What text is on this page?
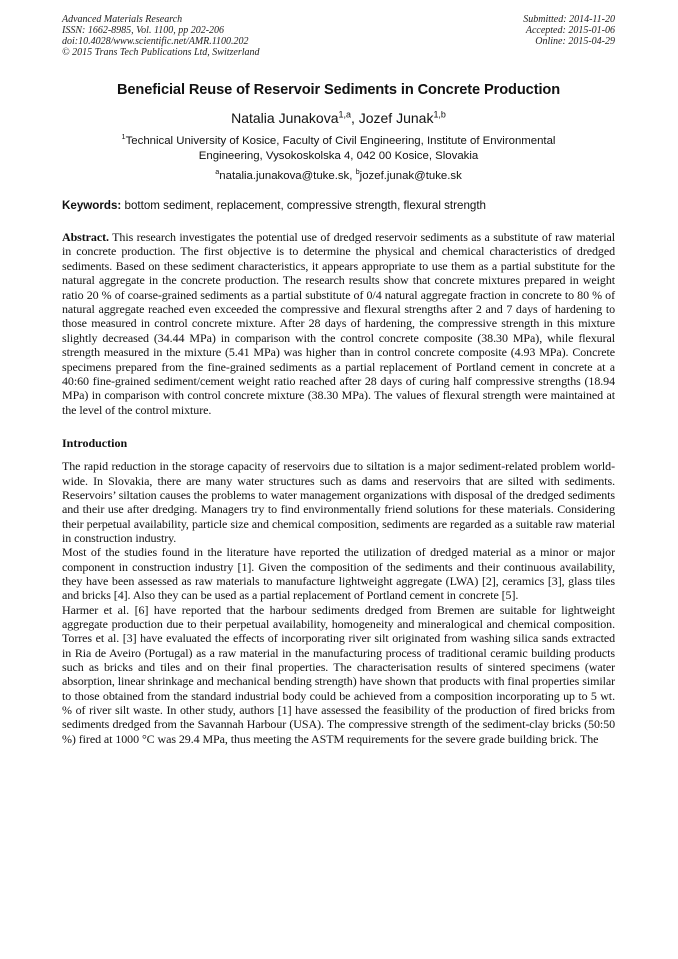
Advanced Materials Research
ISSN: 1662-8985, Vol. 1100, pp 202-206
doi:10.4028/www.scientific.net/AMR.1100.202
© 2015 Trans Tech Publications Ltd, Switzerland
Submitted: 2014-11-20
Accepted: 2015-01-06
Online: 2015-04-29
Beneficial Reuse of Reservoir Sediments in Concrete Production
Natalia Junakova$^{1,a}$, Jozef Junak$^{1,b}$
$^1$Technical University of Kosice, Faculty of Civil Engineering, Institute of Environmental
Engineering, Vysokoskolska 4, 042 00 Kosice, Slovakia
$^a$natalia.junakova@tuke.sk, $^b$jozef.junak@tuke.sk
Keywords: bottom sediment, replacement, compressive strength, flexural strength
Abstract. This research investigates the potential use of dredged reservoir sediments as a substitute of raw material in concrete production. The first objective is to determine the physical and chemical characteristics of dredged sediments. Based on these sediment characteristics, it appears appropriate to use them as a partial substitute for the natural aggregate in the concrete production. The research results show that concrete mixtures prepared in weight ratio 20 % of coarse-grained sediments as a partial substitute of 0/4 natural aggregate fraction in concrete to 80 % of natural aggregate reached even exceeded the compressive and flexural strengths after 2 and 7 days of hardening to those measured in control concrete mixture. After 28 days of hardening, the compressive strength in this mixture slightly decreased (34.44 MPa) in comparison with the control concrete composite (38.30 MPa), while flexural strength measured in the mixture (5.41 MPa) was higher than in control concrete composite (4.93 MPa). Concrete specimens prepared from the fine-grained sediments as a partial replacement of Portland cement in concrete at a 40:60 fine-grained sediment/cement weight ratio reached after 28 days of curing half compressive strengths (18.94 MPa) in comparison with control concrete mixture (38.30 MPa). The values of flexural strength were maintained at the level of the control mixture.
Introduction

The rapid reduction in the storage capacity of reservoirs due to siltation is a major sediment-related problem world-wide. In Slovakia, there are many water structures such as dams and reservoirs that are silted with sediments. Reservoirs’ siltation causes the problems to water management organizations with disposal of the dredged sediments and their use after dredging. Managers try to find environmentally friend solutions for these materials. Considering their perpetual availability, particle size and chemical composition, sediments are regarded as a suitable raw material in construction industry.

Most of the studies found in the literature have reported the utilization of dredged material as a minor or major component in construction industry [1]. Given the composition of the sediments and their continuous availability, they have been assessed as raw materials to manufacture lightweight aggregate (LWA) [2], ceramics [3], glass tiles and bricks [4]. Also they can be used as a partial replacement of Portland cement in concrete [5].

Harmer et al. [6] have reported that the harbour sediments dredged from Bremen are suitable for lightweight aggregate production due to their perpetual availability, homogeneity and mineralogical and chemical composition. Torres et al. [3] have evaluated the effects of incorporating river silt originated from washing silica sands extracted in Ria de Aveiro (Portugal) as a raw material in the manufacturing process of traditional ceramic building products such as bricks and tiles and on their final properties. The characterisation results of sintered specimens (water absorption, linear shrinkage and mechanical bending strength) have shown that products with final properties similar to those obtained from the standard industrial body could be achieved from a composition incorporating up to 5 wt. % of river silt waste. In other study, authors [1] have assessed the feasibility of the production of fired bricks from sediments dredged from the Savannah Harbour (USA). The compressive strength of the sediment-clay bricks (50:50 %) fired at 1000 °C was 29.4 MPa, thus meeting the ASTM requirements for the severe grade building brick. The
